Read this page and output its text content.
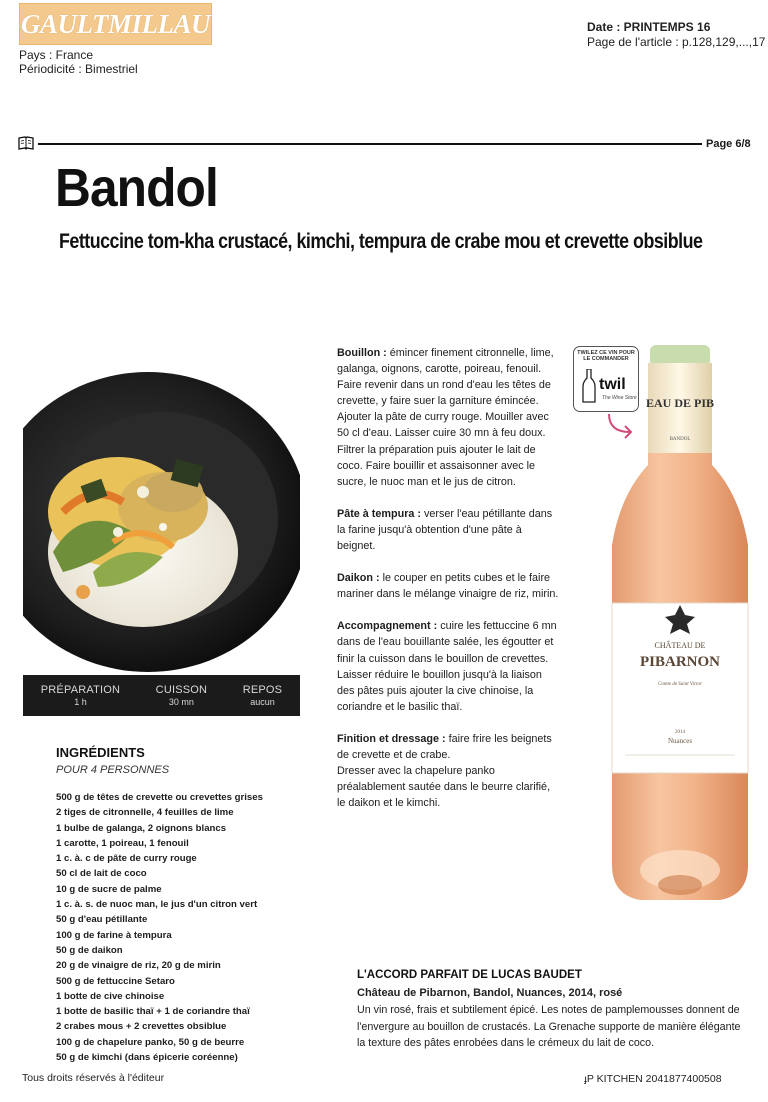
GAULTMILLAU
Pays : France
Périodicité : Bimestriel
Date : PRINTEMPS 16
Page de l'article : p.128,129,...,17
Page 6/8
Bandol
Fettuccine tom-kha crustacé, kimchi, tempura de crabe mou et crevette obsiblue
PRÉPARATION
1 h
CUISSON
30 mn
REPOS
aucun
INGRÉDIENTS
POUR 4 PERSONNES
500 g de têtes de crevette ou crevettes grises
2 tiges de citronnelle, 4 feuilles de lime
1 bulbe de galanga, 2 oignons blancs
1 carotte, 1 poireau, 1 fenouil
1 c. à. c de pâte de curry rouge
50 cl de lait de coco
10 g de sucre de palme
1 c. à. s. de nuoc man, le jus d'un citron vert
50 g d'eau pétillante
100 g de farine à tempura
50 g de daikon
20 g de vinaigre de riz, 20 g de mirin
500 g de fettuccine Setaro
1 botte de cive chinoise
1 botte de basilic thaï + 1 de coriandre thaï
2 crabes mous + 2 crevettes obsiblue
100 g de chapelure panko, 50 g de beurre
50 g de kimchi (dans épicerie coréenne)

Bouillon : émincer finement citronnelle, lime, galanga, oignons, carotte, poireau, fenouil. Faire revenir dans un rond d'eau les têtes de crevette, y faire suer la garniture émincée. Ajouter la pâte de curry rouge. Mouiller avec 50 cl d'eau. Laisser cuire 30 mn à feu doux. Filtrer la préparation puis ajouter le lait de coco. Faire bouillir et assaisonner avec le sucre, le nuoc man et le jus de citron.

Pâte à tempura : verser l'eau pétillante dans la farine jusqu'à obtention d'une pâte à beignet.

Daikon : le couper en petits cubes et le faire mariner dans le mélange vinaigre de riz, mirin.

Accompagnement : cuire les fettuccine 6 mn dans de l'eau bouillante salée, les égoutter et finir la cuisson dans le bouillon de crevettes.
Laisser réduire le bouillon jusqu'à la liaison des pâtes puis ajouter la cive chinoise, la coriandre et le basilic thaï.

Finition et dressage : faire frire les beignets de crevette et de crabe.
Dresser avec la chapelure panko préalablement sautée dans le beurre clarifié, le daikon et le kimchi.

EAU DE PIB
BANDOL
CHÂTEAU DE
PIBARNON
Comte de Saint Victor
2014
Nuances
TWILEZ CE VIN POUR LE COMMANDER
twil
The Wine Store
L'ACCORD PARFAIT DE LUCAS BAUDET
Château de Pibarnon, Bandol, Nuances, 2014, rosé
Un vin rosé, frais et subtilement épicé. Les notes de pamplemousses donnent de l'envergure au bouillon de crustacés. La Grenache supporte de manière élégante la texture des pâtes enrobées dans le crémeux du lait de coco.
Tous droits réservés à l'éditeur	ɟP KITCHEN 2041877400508
